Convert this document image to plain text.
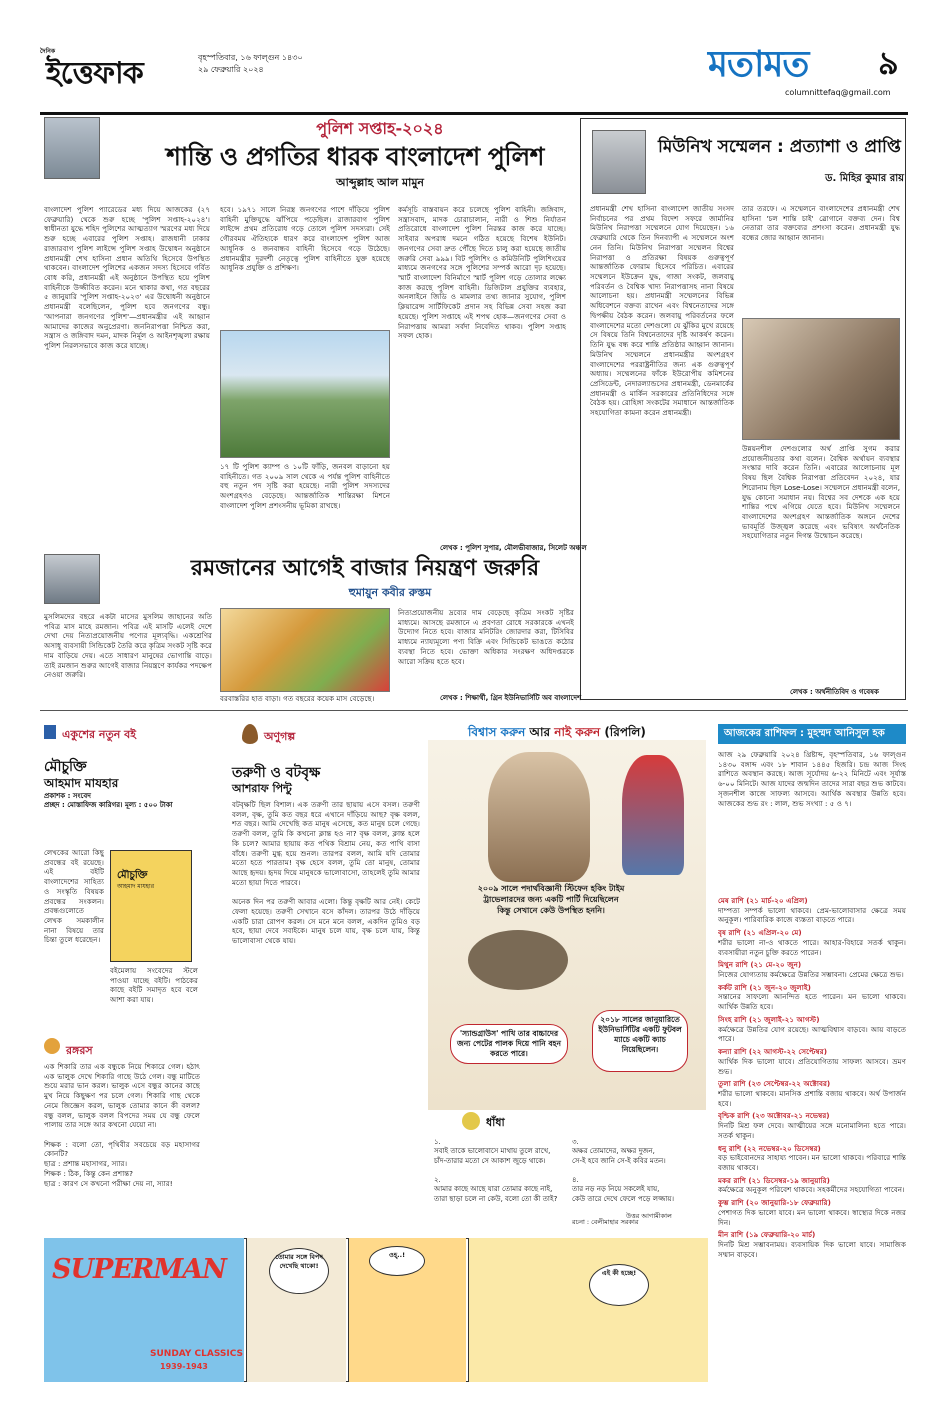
দৈনিক
ইত্তেফাক	বৃহস্পতিবার, ১৬ ফাল্গুন ১৪৩০
২৯ ফেব্রুয়ারি ২০২৪	মতামত ৯
columnittefaq@gmail.com
পুলিশ সপ্তাহ-২০২৪
শান্তি ও প্রগতির ধারক বাংলাদেশ পুলিশ
আব্দুল্লাহ আল মামুন
বাংলাদেশ পুলিশ প্যারেডের মধ্য দিয়ে আজকের (২৭ ফেব্রুয়ারি) থেকে শুরু হচ্ছে 'পুলিশ সপ্তাহ-২০২৪'। স্বাধীনতা যুদ্ধে শহিদ পুলিশের আত্মত্যাগ স্মরণের মধ্য দিয়ে শুরু হচ্ছে এবারের পুলিশ সপ্তাহ। রাজধানী ঢাকার রাজারবাগ পুলিশ লাইন্সে পুলিশ সপ্তাহ উদ্বোধন অনুষ্ঠানে প্রধানমন্ত্রী শেখ হাসিনা প্রধান অতিথি হিসেবে উপস্থিত থাকবেন। বাংলাদেশ পুলিশের একজন সদস্য হিসেবে গর্বিত বোধ করি, প্রধানমন্ত্রী এই অনুষ্ঠানে উপস্থিত হয়ে পুলিশ বাহিনীকে উজ্জীবিত করেন। মনে থাকার কথা, গত বছরের ৫ জানুয়ারি 'পুলিশ সপ্তাহ-২০২৩' এর উদ্বোধনী অনুষ্ঠানে প্রধানমন্ত্রী বলেছিলেন, পুলিশ হবে জনগণের বন্ধু। 'আপনারা জনগণের পুলিশ'—প্রধানমন্ত্রীর এই আহ্বান আমাদের কাজের অনুপ্রেরণা। জননিরাপত্তা নিশ্চিত করা, সন্ত্রাস ও জঙ্গিবাদ দমন, মাদক নির্মূল ও আইনশৃঙ্খলা রক্ষায় পুলিশ নিরলসভাবে কাজ করে যাচ্ছে।
হবে। ১৯৭১ সালে নিরস্ত্র জনগণের পাশে দাঁড়িয়ে পুলিশ বাহিনী মুক্তিযুদ্ধে ঝাঁপিয়ে পড়েছিল। রাজারবাগ পুলিশ লাইন্সে প্রথম প্রতিরোধ গড়ে তোলে পুলিশ সদস্যরা। সেই গৌরবময় ঐতিহ্যকে ধারণ করে বাংলাদেশ পুলিশ আজ আধুনিক ও জনবান্ধব বাহিনী হিসেবে গড়ে উঠেছে। প্রধানমন্ত্রীর দূরদর্শী নেতৃত্বে পুলিশ বাহিনীতে যুক্ত হয়েছে আধুনিক প্রযুক্তি ও প্রশিক্ষণ।
১৭ টি পুলিশ ক্যাম্প ও ১০টি ফাঁড়ি, জনবল বাড়ানো হয় বাহিনীতে। গত ২০০৯ সাল থেকে এ পর্যন্ত পুলিশ বাহিনীতে বহু নতুন পদ সৃষ্টি করা হয়েছে। নারী পুলিশ সদস্যদের অংশগ্রহণও বেড়েছে। আন্তর্জাতিক শান্তিরক্ষা মিশনে বাংলাদেশ পুলিশ প্রশংসনীয় ভূমিকা রাখছে।
কর্মসূচি বাস্তবায়ন করে চলেছে পুলিশ বাহিনী। জঙ্গিবাদ, সন্ত্রাসবাদ, মাদক চোরাচালান, নারী ও শিশু নির্যাতন প্রতিরোধে বাংলাদেশ পুলিশ নিরন্তর কাজ করে যাচ্ছে। সাইবার অপরাধ দমনে গঠিত হয়েছে বিশেষ ইউনিট। জনগণের সেবা দ্রুত পৌঁছে দিতে চালু করা হয়েছে জাতীয় জরুরি সেবা ৯৯৯। বিট পুলিশিং ও কমিউনিটি পুলিশিংয়ের মাধ্যমে জনগণের সঙ্গে পুলিশের সম্পর্ক আরো দৃঢ় হয়েছে। স্মার্ট বাংলাদেশ বিনির্মাণে স্মার্ট পুলিশ গড়ে তোলার লক্ষ্যে কাজ করছে পুলিশ বাহিনী। ডিজিটাল প্রযুক্তির ব্যবহার, অনলাইনে জিডি ও মামলার তথ্য জানার সুযোগ, পুলিশ ক্লিয়ারেন্স সার্টিফিকেট প্রদান সহ বিভিন্ন সেবা সহজ করা হয়েছে। পুলিশ সপ্তাহে এই শপথ হোক—জনগণের সেবা ও নিরাপত্তায় আমরা সর্বদা নিবেদিত থাকব। পুলিশ সপ্তাহ সফল হোক।
লেখক : পুলিশ সুপার, মৌলভীবাজার, সিলেট অঞ্চল
মিউনিখ সম্মেলন : প্রত্যাশা ও প্রাপ্তি
ড. মিহির কুমার রায়
প্রধানমন্ত্রী শেখ হাসিনা বাংলাদেশ জাতীয় সংসদ নির্বাচনের পর প্রথম বিদেশ সফরে জার্মানির মিউনিখ নিরাপত্তা সম্মেলনে যোগ দিয়েছেন। ১৬ ফেব্রুয়ারি থেকে তিন দিনব্যাপী এ সম্মেলনে অংশ নেন তিনি। মিউনিখ নিরাপত্তা সম্মেলন বিশ্বের নিরাপত্তা ও প্রতিরক্ষা বিষয়ক গুরুত্বপূর্ণ আন্তর্জাতিক ফোরাম হিসেবে পরিচিত। এবারের সম্মেলনে ইউক্রেন যুদ্ধ, গাজা সংকট, জলবায়ু পরিবর্তন ও বৈশ্বিক খাদ্য নিরাপত্তাসহ নানা বিষয়ে আলোচনা হয়। প্রধানমন্ত্রী সম্মেলনের বিভিন্ন অধিবেশনে বক্তব্য রাখেন এবং বিশ্বনেতাদের সঙ্গে দ্বিপক্ষীয় বৈঠক করেন। জলবায়ু পরিবর্তনের ফলে বাংলাদেশের মতো দেশগুলো যে ঝুঁকির মুখে রয়েছে সে বিষয়ে তিনি বিশ্বনেতাদের দৃষ্টি আকর্ষণ করেন। তিনি যুদ্ধ বন্ধ করে শান্তি প্রতিষ্ঠার আহ্বান জানান। মিউনিখ সম্মেলনে প্রধানমন্ত্রীর অংশগ্রহণ বাংলাদেশের পররাষ্ট্রনীতির জন্য এক গুরুত্বপূর্ণ অধ্যায়। সম্মেলনের ফাঁকে ইউরোপীয় কমিশনের প্রেসিডেন্ট, নেদারল্যান্ডসের প্রধানমন্ত্রী, ডেনমার্কের প্রধানমন্ত্রী ও মার্কিন সরকারের প্রতিনিধিদের সঙ্গে বৈঠক হয়। রোহিঙ্গা সংকটের সমাধানে আন্তর্জাতিক সহযোগিতা কামনা করেন প্রধানমন্ত্রী।
তার তরফে। এ সম্মেলনে বাংলাদেশের প্রধানমন্ত্রী শেখ হাসিনা 'চল শান্তি চাই' স্লোগানে বক্তব্য দেন। বিশ্ব নেতারা তার বক্তব্যের প্রশংসা করেন। প্রধানমন্ত্রী যুদ্ধ বন্ধের জোর আহ্বান জানান।
উন্নয়নশীল দেশগুলোর অর্থ প্রাপ্তি সুগম করার প্রয়োজনীয়তার কথা বলেন। বৈশ্বিক অর্থায়ন ব্যবস্থার সংস্কার দাবি করেন তিনি। এবারের আলোচনায় মূল বিষয় ছিল বৈশ্বিক নিরাপত্তা প্রতিবেদন ২০২৪, যার শিরোনাম ছিল Lose-Lose। সম্মেলনে প্রধানমন্ত্রী বলেন, যুদ্ধ কোনো সমাধান নয়। বিশ্বের সব দেশকে এক হয়ে শান্তির পথে এগিয়ে যেতে হবে। মিউনিখ সম্মেলনে বাংলাদেশের অংশগ্রহণ আন্তর্জাতিক অঙ্গনে দেশের ভাবমূর্তি উজ্জ্বল করেছে এবং ভবিষ্যৎ অর্থনৈতিক সহযোগিতার নতুন দিগন্ত উন্মোচন করেছে।
লেখক : অর্থনীতিবিদ ও গবেষক
রমজানের আগেই বাজার নিয়ন্ত্রণ জরুরি
হুমায়ুন কবীর রুস্তম
মুসলিমদের বছরে একটা মাসের মুসলিম জাহানের অতি পবিত্র মাস মাহে রমজান। পবিত্র এই মাসটি এলেই দেশে দেখা দেয় নিত্যপ্রয়োজনীয় পণ্যের মূল্যবৃদ্ধি। একশ্রেণির অসাধু ব্যবসায়ী সিন্ডিকেট তৈরি করে কৃত্রিম সংকট সৃষ্টি করে দাম বাড়িয়ে দেয়। এতে সাধারণ মানুষের ভোগান্তি বাড়ে। তাই রমজান শুরুর আগেই বাজার নিয়ন্ত্রণে কার্যকর পদক্ষেপ নেওয়া জরুরি।
বরবাস্তরির হাত বাড়া। গত বছরের কয়েক মাস বেড়েছে।
নিত্যপ্রয়োজনীয় দ্রব্যের দাম বেড়েছে কৃত্রিম সংকট সৃষ্টির মাধ্যমে। আসছে রমজানে এ প্রবণতা রোধে সরকারকে এখনই উদ্যোগ নিতে হবে। বাজার মনিটরিং জোরদার করা, টিসিবির মাধ্যমে ন্যায্যমূল্যে পণ্য বিক্রি এবং সিন্ডিকেট ভাঙতে কঠোর ব্যবস্থা নিতে হবে। ভোক্তা অধিকার সংরক্ষণ অধিদপ্তরকে আরো সক্রিয় হতে হবে।
লেখক : শিক্ষার্থী, গ্রিন ইউনিভার্সিটি অব বাংলাদেশ
একুশের নতুন বই
মৌচুক্তি
আহমাদ মাযহার
প্রকাশক : সংবেদ
প্রচ্ছদ : মোস্তাফিজ কারিগর। মূল্য : ৫০০ টাকা
লেখকের আরো কিছু প্রবন্ধের বই রয়েছে। এই বইটি বাংলাদেশের সাহিত্য ও সংস্কৃতি বিষয়ক প্রবন্ধের সংকলন। প্রবন্ধগুলোতে লেখক সমকালীন নানা বিষয়ে তার চিন্তা তুলে ধরেছেন।
মৌচুক্তি
আহমাদ মাযহার
বইমেলায় সংবেদের স্টলে পাওয়া যাচ্ছে বইটি। পাঠকের কাছে বইটি সমাদৃত হবে বলে আশা করা যায়।
রঙ্গরস
এক শিকারি তার এক বন্ধুকে নিয়ে শিকারে গেল। হঠাৎ এক ভালুক দেখে শিকারি গাছে উঠে গেল। বন্ধু মাটিতে শুয়ে মরার ভান করল। ভালুক এসে বন্ধুর কানের কাছে মুখ নিয়ে কিছুক্ষণ পর চলে গেল। শিকারি গাছ থেকে নেমে জিজ্ঞেস করল, ভালুক তোমার কানে কী বলল? বন্ধু বলল, ভালুক বলল বিপদের সময় যে বন্ধু ফেলে পালায় তার সঙ্গে আর কখনো যেয়ো না।

শিক্ষক : বলো তো, পৃথিবীর সবচেয়ে বড় মহাসাগর কোনটি?
ছাত্র : প্রশান্ত মহাসাগর, স্যার।
শিক্ষক : ঠিক, কিন্তু কেন প্রশান্ত?
ছাত্র : কারণ সে কখনো পরীক্ষা দেয় না, স্যার!
অণুগল্প
তরুণী ও বটবৃক্ষ
আশরাফ পিন্টু
বটবৃক্ষটি ছিল বিশাল। এক তরুণী তার ছায়ায় এসে বসল। তরুণী বলল, বৃক্ষ, তুমি কত বছর ধরে এখানে দাঁড়িয়ে আছ? বৃক্ষ বলল, শত বছর। আমি দেখেছি কত মানুষ এসেছে, কত মানুষ চলে গেছে। তরুণী বলল, তুমি কি কখনো ক্লান্ত হও না? বৃক্ষ বলল, ক্লান্ত হলে কি চলে? আমার ছায়ায় কত পথিক বিশ্রাম নেয়, কত পাখি বাসা বাঁধে। তরুণী মুগ্ধ হয়ে শুনল। তারপর বলল, আমি যদি তোমার মতো হতে পারতাম! বৃক্ষ হেসে বলল, তুমি তো মানুষ, তোমার আছে হৃদয়। হৃদয় দিয়ে মানুষকে ভালোবাসো, তাহলেই তুমি আমার মতো ছায়া দিতে পারবে।

অনেক দিন পর তরুণী আবার এলো। কিন্তু বৃক্ষটি আর নেই। কেটে ফেলা হয়েছে। তরুণী সেখানে বসে কাঁদল। তারপর উঠে দাঁড়িয়ে একটি চারা রোপণ করল। সে মনে মনে বলল, একদিন তুমিও বড় হবে, ছায়া দেবে সবাইকে। মানুষ চলে যায়, বৃক্ষ চলে যায়, কিন্তু ভালোবাসা থেকে যায়।
বিশ্বাস করুন আর নাই করুন (রিপলি)
২০০৯ সালে পদার্থবিজ্ঞানী স্টিফেন হকিং টাইম ট্রাভেলারদের জন্য একটি পার্টি দিয়েছিলেন কিন্তু সেখানে কেউ উপস্থিত হননি।
'স্যান্ডগ্রাউস' পাখি তার বাচ্চাদের জন্য পেটের পালক দিয়ে পানি বহন করতে পারে।
২০১৮ সালের জানুয়ারিতে ইউনিভার্সিটির একটি ফুটবল ম্যাচে একটি ক্যাচ নিয়েছিলেন।
ধাঁধা
১.
সবাই তাকে ভালোবাসে মাথায় তুলে রাখে,
চাঁদ-তারার মতো সে আকাশ জুড়ে থাকে।

২.
আমার কাছে আছে যারা তোমার কাছে নাই,
তারা ছাড়া চলে না কেউ, বলো তো কী তাই?
৩.
অক্ষর তোমাদের, অক্ষর দুজন,
সে-ই হবে জানি সে-ই কবির মতন।

৪.
তার নড় নড় নিয়ে সকলেই যায়,
কেউ তারে দেখে ফেলে পড়ে লজ্জায়।
উত্তর আগামীকাল
রচনা : বেলীমাহার সরকার
আজকের রাশিফল : মুহম্মদ আনিসুল হক
আজ ২৯ ফেব্রুয়ারি ২০২৪ খ্রিষ্টাব্দ, বৃহস্পতিবার, ১৬ ফাল্গুন ১৪৩০ বঙ্গাব্দ এবং ১৮ শাবান ১৪৪৫ হিজরি। চন্দ্র আজ সিংহ রাশিতে অবস্থান করছে। আজ সূর্যোদয় ৬-২২ মিনিটে এবং সূর্যাস্ত ৬-০০ মিনিটে। আজ যাদের জন্মদিন তাদের সারা বছর শুভ কাটবে। সৃজনশীল কাজে সাফল্য আসবে। আর্থিক অবস্থার উন্নতি হবে। আজকের শুভ রং : লাল, শুভ সংখ্যা : ৫ ও ৭।
মেষ রাশি (২১ মার্চ-২০ এপ্রিল)
দাম্পত্য সম্পর্ক ভালো থাকবে। প্রেম-ভালোবাসার ক্ষেত্রে সময় অনুকূল। পারিবারিক কাজে ব্যস্ততা বাড়তে পারে।
বৃষ রাশি (২১ এপ্রিল-২০ মে)
শরীর ভালো না-ও থাকতে পারে। আহার-বিহারে সতর্ক থাকুন। ব্যবসায়ীরা নতুন চুক্তি করতে পারেন।
মিথুন রাশি (২১ মে-২০ জুন)
নিজের যোগ্যতায় কর্মক্ষেত্রে উন্নতির সম্ভাবনা। প্রেমের ক্ষেত্রে শুভ।
কর্কট রাশি (২১ জুন-২০ জুলাই)
সন্তানের সাফল্যে আনন্দিত হতে পারেন। মন ভালো থাকবে। আর্থিক উন্নতি হবে।
সিংহ রাশি (২১ জুলাই-২১ আগস্ট)
কর্মক্ষেত্রে উন্নতির যোগ রয়েছে। আত্মবিশ্বাস বাড়বে। আয় বাড়তে পারে।
কন্যা রাশি (২২ আগস্ট-২২ সেপ্টেম্বর)
আর্থিক দিক ভালো যাবে। প্রতিযোগিতায় সাফল্য আসবে। ভ্রমণ শুভ।
তুলা রাশি (২৩ সেপ্টেম্বর-২২ অক্টোবর)
শরীর ভালো থাকবে। মানসিক প্রশান্তি বজায় থাকবে। অর্থ উপার্জন হবে।
বৃশ্চিক রাশি (২৩ অক্টোবর-২১ নভেম্বর)
দিনটি মিশ্র ফল দেবে। আত্মীয়ের সঙ্গে মনোমালিন্য হতে পারে। সতর্ক থাকুন।
ধনু রাশি (২২ নভেম্বর-২০ ডিসেম্বর)
বড় ভাইবোনদের সাহায্য পাবেন। মন ভালো থাকবে। পরিবারে শান্তি বজায় থাকবে।
মকর রাশি (২১ ডিসেম্বর-১৯ জানুয়ারি)
কর্মক্ষেত্রে অনুকূল পরিবেশ থাকবে। সহকর্মীদের সহযোগিতা পাবেন।
কুম্ভ রাশি (২০ জানুয়ারি-১৮ ফেব্রুয়ারি)
পেশাগত দিক ভালো যাবে। মন ভালো থাকবে। স্বাস্থ্যের দিকে নজর দিন।
মীন রাশি (১৯ ফেব্রুয়ারি-২০ মার্চ)
দিনটি মিশ্র সম্ভাবনাময়। ব্যবসায়িক দিক ভালো যাবে। সামাজিক সম্মান বাড়বে।
SUPERMAN
SUNDAY CLASSICS
1939-1943
তোমার সঙ্গে বিপদ দেখেছি থাকো!
ওহ্‌..!
এই কী হচ্ছে!
